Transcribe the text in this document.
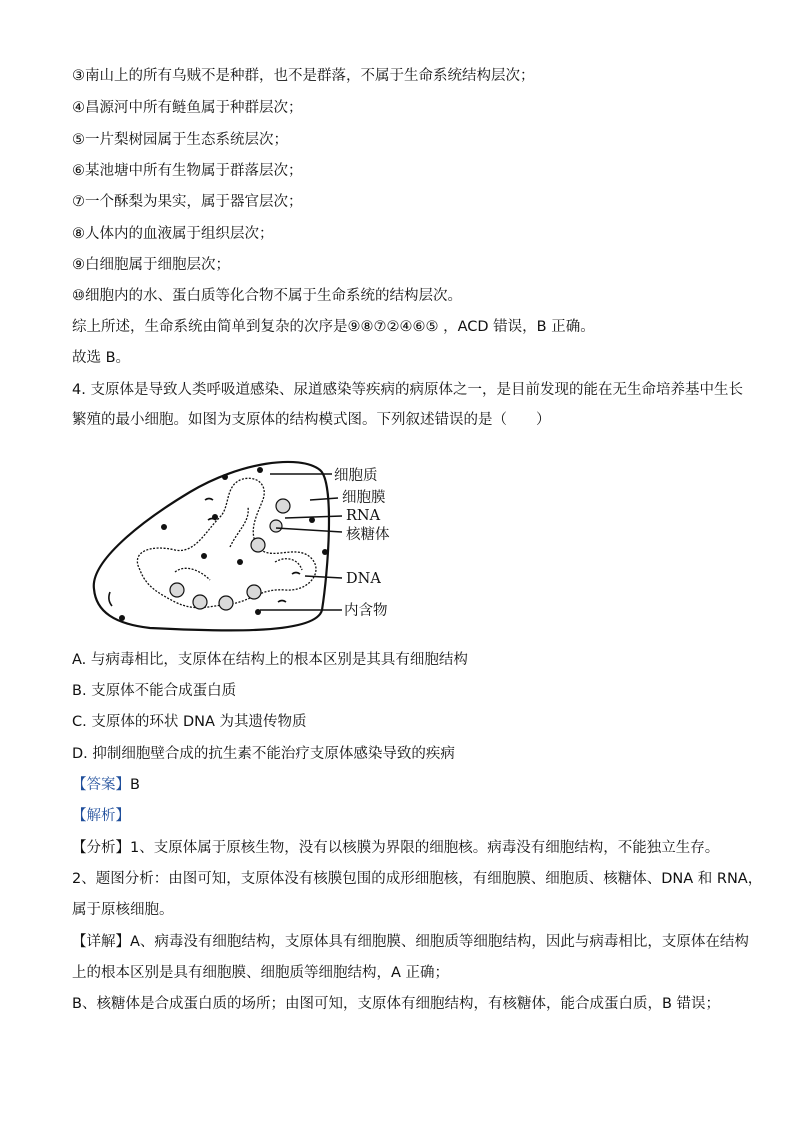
③南山上的所有乌贼不是种群，也不是群落，不属于生命系统结构层次；
④昌源河中所有鲢鱼属于种群层次；
⑤一片梨树园属于生态系统层次；
⑥某池塘中所有生物属于群落层次；
⑦一个酥梨为果实，属于器官层次；
⑧人体内的血液属于组织层次；
⑨白细胞属于细胞层次；
⑩细胞内的水、蛋白质等化合物不属于生命系统的结构层次。
综上所述，生命系统由简单到复杂的次序是⑨⑧⑦②④⑥⑤ ，ACD 错误，B 正确。
故选 B。
4. 支原体是导致人类呼吸道感染、尿道感染等疾病的病原体之一，是目前发现的能在无生命培养基中生长
繁殖的最小细胞。如图为支原体的结构模式图。下列叙述错误的是（　　）
细胞质
细胞膜
RNA
核糖体
DNA
内含物
A. 与病毒相比，支原体在结构上的根本区别是其具有细胞结构
B. 支原体不能合成蛋白质
C. 支原体的环状 DNA 为其遗传物质
D. 抑制细胞壁合成的抗生素不能治疗支原体感染导致的疾病
【答案】B
【解析】
【分析】1、支原体属于原核生物，没有以核膜为界限的细胞核。病毒没有细胞结构，不能独立生存。
2、题图分析：由图可知，支原体没有核膜包围的成形细胞核，有细胞膜、细胞质、核糖体、DNA 和 RNA，
属于原核细胞。
【详解】A、病毒没有细胞结构，支原体具有细胞膜、细胞质等细胞结构，因此与病毒相比，支原体在结构
上的根本区别是具有细胞膜、细胞质等细胞结构，A 正确；
B、核糖体是合成蛋白质的场所；由图可知，支原体有细胞结构，有核糖体，能合成蛋白质，B 错误；
